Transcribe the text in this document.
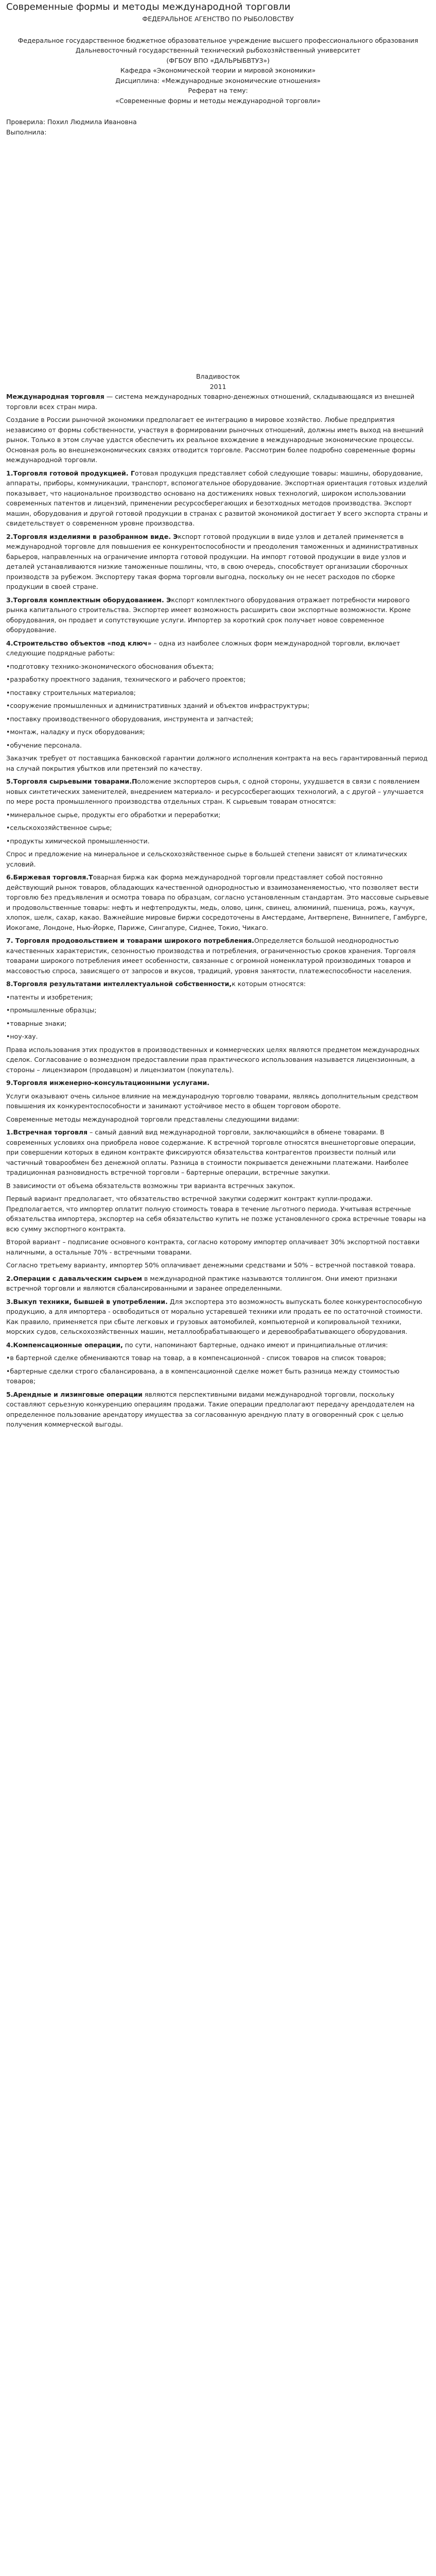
Современные формы и методы международной торговли

ФЕДЕРАЛЬНОЕ АГЕНСТВО ПО РЫБОЛОВСТВУ

Федеральное государственное бюджетное образовательное учреждение высшего профессионального образования

Дальневосточный государственный технический рыбохозяйственный университет

(ФГБОУ ВПО «ДАЛЬРЫБВТУЗ»)

Кафедра «Экономической теории и мировой экономики»

Дисциплина: «Международные экономические отношения»

Реферат на тему:

«Современные формы и методы международной торговли»

Проверила: Похил Людмила Ивановна

Выполнила:

Владивосток

2011

Международная торговля — система международных товарно-денежных отношений, складывающаяся из внешней торговли всех стран мира.

Создание в России рыночной экономики предполагает ее интеграцию в мировое хозяйство. Любые предприятия независимо от формы собственности, участвуя в формировании рыночных отношений, должны иметь выход на внешний рынок. Только в этом случае удастся обеспечить их реальное вхождение в международные экономические процессы. Основная роль во внешнеэкономических связях отводится торговле. Рассмотрим более подробно современные формы международной торговли.

1.Торговля готовой продукцией. Готовая продукция представляет собой следующие товары: машины, оборудование, аппараты, приборы, коммуникации, транспорт, вспомогательное оборудование. Экспортная ориентация готовых изделий показывает, что национальное производство основано на достижениях новых технологий, широком использовании современных патентов и лицензий, применении ресурсосберегающих и безотходных методов производства. Экспорт машин, оборудования и другой готовой продукции в странах с развитой экономикой достигает У всего экспорта страны и свидетельствует о современном уровне производства.

2.Торговля изделиями в разобранном виде. Экспорт готовой продукции в виде узлов и деталей применяется в международной торговле для повышения ее конкурентоспособности и преодоления таможенных и административных барьеров, направленных на ограничение импорта готовой продукции. На импорт готовой продукции в виде узлов и деталей устанавливаются низкие таможенные пошлины, что, в свою очередь, способствует организации сборочных производств за рубежом. Экспортеру такая форма торговли выгодна, поскольку он не несет расходов по сборке продукции в своей стране.

3.Торговля комплектным оборудованием. Экспорт комплектного оборудования отражает потребности мирового рынка капитального строительства. Экспортер имеет возможность расширить свои экспортные возможности. Кроме оборудования, он продает и сопутствующие услуги. Импортер за короткий срок получает новое современное оборудование.

4.Строительство объектов «под ключ» – одна из наиболее сложных форм международной торговли, включает следующие подрядные работы:

•подготовку технико-экономического обоснования объекта;

•разработку проектного задания, технического и рабочего проектов;

•поставку строительных материалов;

•сооружение промышленных и административных зданий и объектов инфраструктуры;

•поставку производственного оборудования, инструмента и запчастей;

•монтаж, наладку и пуск оборудования;

•обучение персонала.

Заказчик требует от поставщика банковской гарантии должного исполнения контракта на весь гарантированный период на случай покрытия убытков или претензий по качеству.

5.Торговля сырьевыми товарами.Положение экспортеров сырья, с одной стороны, ухудшается в связи с появлением новых синтетических заменителей, внедрением материало- и ресурсосберегающих технологий, а с другой – улучшается по мере роста промышленного производства отдельных стран. К сырьевым товарам относятся:

•минеральное сырье, продукты его обработки и переработки;

•сельскохозяйственное сырье;

•продукты химической промышленности.

Спрос и предложение на минеральное и сельскохозяйственное сырье в большей степени зависят от климатических условий.

6.Биржевая торговля.Товарная биржа как форма международной торговли представляет собой постоянно действующий рынок товаров, обладающих качественной однородностью и взаимозаменяемостью, что позволяет вести торговлю без предъявления и осмотра товара по образцам, согласно установленным стандартам. Это массовые сырьевые и продовольственные товары: нефть и нефтепродукты, медь, олово, цинк, свинец, алюминий, пшеница, рожь, каучук, хлопок, шелк, сахар, какао. Важнейшие мировые биржи сосредоточены в Амстердаме, Антверпене, Виннипеге, Гамбурге, Иокогаме, Лондоне, Нью-Йорке, Париже, Сингапуре, Сиднее, Токио, Чикаго.

7. Торговля продовольствием и товарами широкого потребления.Определяется большой неоднородностью качественных характеристик, сезонностью производства и потребления, ограниченностью сроков хранения. Торговля товарами широкого потребления имеет особенности, связанные с огромной номенклатурой производимых товаров и массовостью спроса, зависящего от запросов и вкусов, традиций, уровня занятости, платежеспособности населения.

8.Торговля результатами интеллектуальной собственности,к которым относятся:

•патенты и изобретения;

•промышленные образцы;

•товарные знаки;

•ноу-хау.

Права использования этих продуктов в производственных и коммерческих целях являются предметом международных сделок. Согласование о возмездном предоставлении прав практического использования называется лицензионным, а стороны – лицензиаром (продавцом) и лицензиатом (покупатель).

9.Торговля инженерно-консультационными услугами.

Услуги оказывают очень сильное влияние на международную торговлю товарами, являясь дополнительным средством повышения их конкурентоспособности и занимают устойчивое место в общем торговом обороте.

Современные методы международной торговли представлены следующими видами:

1.Встречная торговля – самый давний вид международной торговли, заключающийся в обмене товарами. В современных условиях она приобрела новое содержание. К встречной торговле относятся внешнеторговые операции, при совершении которых в едином контракте фиксируются обязательства контрагентов произвести полный или частичный товарообмен без денежной оплаты. Разница в стоимости покрывается денежными платежами. Наиболее традиционная разновидность встречной торговли – бартерные операции, встречные закупки.

В зависимости от объема обязательств возможны три варианта встречных закупок.

Первый вариант предполагает, что обязательство встречной закупки содержит контракт купли-продажи. Предполагается, что импортер оплатит полную стоимость товара в течение льготного периода. Учитывая встречные обязательства импортера, экспортер на себя обязательство купить не позже установленного срока встречные товары на всю сумму экспортного контракта.

Второй вариант – подписание основного контракта, согласно которому импортер оплачивает 30% экспортной поставки наличными, а остальные 70% - встречными товарами.

Согласно третьему варианту, импортер 50% оплачивает денежными средствами и 50% – встречной поставкой товара.

2.Операции с давальческим сырьем в международной практике называются толлингом. Они имеют признаки встречной торговли и являются сбалансированными и заранее определенными.

3.Выкуп техники, бывшей в употреблении. Для экспортера это возможность выпускать более конкурентоспособную продукцию, а для импортера - освободиться от морально устаревшей техники или продать ее по остаточной стоимости. Как правило, применяется при сбыте легковых и грузовых автомобилей, компьютерной и копировальной техники, морских судов, сельскохозяйственных машин, металлообрабатывающего и деревообрабатывающего оборудования.

4.Компенсационные операции, по сути, напоминают бартерные, однако имеют и принципиальные отличия:

•в бартерной сделке обмениваются товар на товар, а в компенсационной - список товаров на список товаров;

•бартерные сделки строго сбалансирована, а в компенсационной сделке может быть разница между стоимостью товаров;

5.Арендные и лизинговые операции являются перспективными видами международной торговли, поскольку составляют серьезную конкуренцию операциям продажи. Такие операции предполагают передачу арендодателем на определенное пользование арендатору имущества за согласованную арендную плату в оговоренный срок с целью получения коммерческой выгоды.
